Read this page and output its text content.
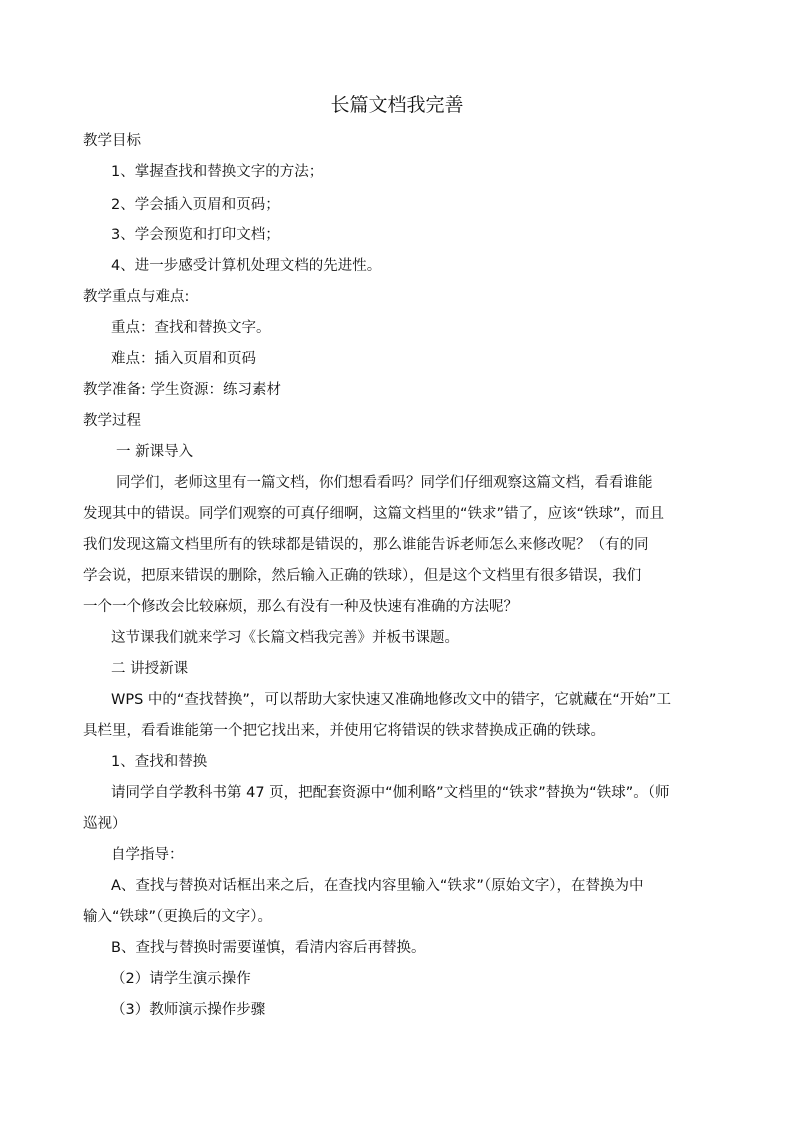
长篇文档我完善
教学目标
1、掌握查找和替换文字的方法；
2、学会插入页眉和页码；
3、学会预览和打印文档；
4、进一步感受计算机处理文档的先进性。
教学重点与难点:
重点：查找和替换文字。
难点：插入页眉和页码
教学准备: 学生资源：练习素材
教学过程
一 新课导入
同学们，老师这里有一篇文档，你们想看看吗？同学们仔细观察这篇文档，看看谁能
发现其中的错误。同学们观察的可真仔细啊，这篇文档里的“铁求”错了，应该“铁球”，而且
我们发现这篇文档里所有的铁球都是错误的，那么谁能告诉老师怎么来修改呢？（有的同
学会说，把原来错误的删除，然后输入正确的铁球），但是这个文档里有很多错误，我们
一个一个修改会比较麻烦，那么有没有一种及快速有准确的方法呢？
这节课我们就来学习《长篇文档我完善》并板书课题。
二 讲授新课
WPS 中的“查找替换”，可以帮助大家快速又准确地修改文中的错字，它就藏在“开始”工
具栏里，看看谁能第一个把它找出来，并使用它将错误的铁求替换成正确的铁球。
1、查找和替换
请同学自学教科书第 47 页，把配套资源中“伽利略”文档里的“铁求”替换为“铁球”。（师
巡视）
自学指导：
A、查找与替换对话框出来之后，在查找内容里输入“铁求”（原始文字），在替换为中
输入“铁球”（更换后的文字）。
B、查找与替换时需要谨慎，看清内容后再替换。
（2）请学生演示操作
（3）教师演示操作步骤
